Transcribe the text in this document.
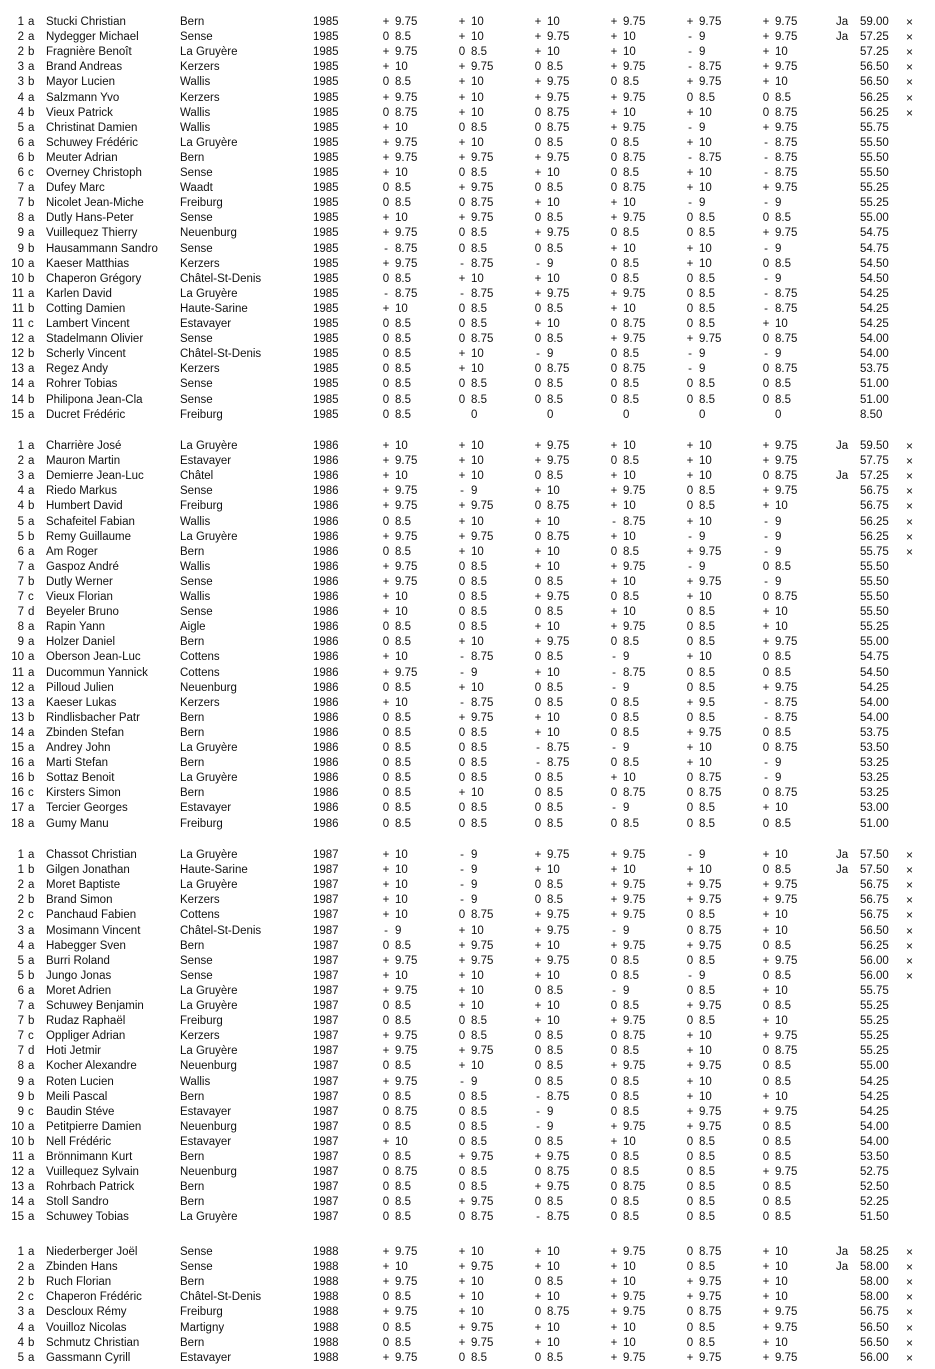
1 a	Stucki Christian	Bern	1985	+ 9.75	+ 10	+ 10	+ 9.75	+ 9.75	+ 9.75	Ja	59.00	×
2 a	Nydegger Michael	Sense	1985	0 8.5	+ 10	+ 9.75	+ 10	- 9	+ 9.75	Ja	57.25	×
2 b	Fragnière Benoît	La Gruyère	1985	+ 9.75	0 8.5	+ 10	+ 10	- 9	+ 10	57.25	×
3 a	Brand Andreas	Kerzers	1985	+ 10	+ 9.75	0 8.5	+ 9.75	- 8.75	+ 9.75	56.50	×
3 b	Mayor Lucien	Wallis	1985	0 8.5	+ 10	+ 9.75	0 8.5	+ 9.75	+ 10	56.50	×
4 a	Salzmann Yvo	Kerzers	1985	+ 9.75	+ 10	+ 9.75	+ 9.75	0 8.5	0 8.5	56.25	×
4 b	Vieux Patrick	Wallis	1985	0 8.75	+ 10	0 8.75	+ 10	+ 10	0 8.75	56.25	×
5 a	Christinat Damien	Wallis	1985	+ 10	0 8.5	0 8.75	+ 9.75	- 9	+ 9.75	55.75
6 a	Schuwey Frédéric	La Gruyère	1985	+ 9.75	+ 10	0 8.5	0 8.5	+ 10	- 8.75	55.50
6 b	Meuter Adrian	Bern	1985	+ 9.75	+ 9.75	+ 9.75	0 8.75	- 8.75	- 8.75	55.50
6 c	Overney Christoph	Sense	1985	+ 10	0 8.5	+ 10	0 8.5	+ 10	- 8.75	55.50
7 a	Dufey Marc	Waadt	1985	0 8.5	+ 9.75	0 8.5	0 8.75	+ 10	+ 9.75	55.25
7 b	Nicolet Jean-Miche	Freiburg	1985	0 8.5	0 8.75	+ 10	+ 10	- 9	- 9	55.25
8 a	Dutly Hans-Peter	Sense	1985	+ 10	+ 9.75	0 8.5	+ 9.75	0 8.5	0 8.5	55.00
9 a	Vuillequez Thierry	Neuenburg	1985	+ 9.75	0 8.5	+ 9.75	0 8.5	0 8.5	+ 9.75	54.75
9 b	Hausammann Sandro	Sense	1985	- 8.75	0 8.5	0 8.5	+ 10	+ 10	- 9	54.75
10 a	Kaeser Matthias	Kerzers	1985	+ 9.75	- 8.75	- 9	0 8.5	+ 10	0 8.5	54.50
10 b	Chaperon Grégory	Châtel-St-Denis	1985	0 8.5	+ 10	+ 10	0 8.5	0 8.5	- 9	54.50
11 a	Karlen David	La Gruyère	1985	- 8.75	- 8.75	+ 9.75	+ 9.75	0 8.5	- 8.75	54.25
11 b	Cotting Damien	Haute-Sarine	1985	+ 10	0 8.5	0 8.5	+ 10	0 8.5	- 8.75	54.25
11 c	Lambert Vincent	Estavayer	1985	0 8.5	0 8.5	+ 10	0 8.75	0 8.5	+ 10	54.25
12 a	Stadelmann Olivier	Sense	1985	0 8.5	0 8.75	0 8.5	+ 9.75	+ 9.75	0 8.75	54.00
12 b	Scherly Vincent	Châtel-St-Denis	1985	0 8.5	+ 10	- 9	0 8.5	- 9	- 9	54.00
13 a	Regez Andy	Kerzers	1985	0 8.5	+ 10	0 8.75	0 8.75	- 9	0 8.75	53.75
14 a	Rohrer Tobias	Sense	1985	0 8.5	0 8.5	0 8.5	0 8.5	0 8.5	0 8.5	51.00
14 b	Philipona Jean-Cla	Sense	1985	0 8.5	0 8.5	0 8.5	0 8.5	0 8.5	0 8.5	51.00
15 a	Ducret Frédéric	Freiburg	1985	0 8.5	0	0	0	0	0	8.50
1 a	Charrière José	La Gruyère	1986	+ 10	+ 10	+ 9.75	+ 10	+ 10	+ 9.75	Ja	59.50	×
2 a	Mauron Martin	Estavayer	1986	+ 9.75	+ 10	+ 9.75	0 8.5	+ 10	+ 9.75	57.75	×
3 a	Demierre Jean-Luc	Châtel	1986	+ 10	+ 10	0 8.5	+ 10	+ 10	0 8.75	Ja	57.25	×
4 a	Riedo Markus	Sense	1986	+ 9.75	- 9	+ 10	+ 9.75	0 8.5	+ 9.75	56.75	×
4 b	Humbert David	Freiburg	1986	+ 9.75	+ 9.75	0 8.75	+ 10	0 8.5	+ 10	56.75	×
5 a	Schafeitel Fabian	Wallis	1986	0 8.5	+ 10	+ 10	- 8.75	+ 10	- 9	56.25	×
5 b	Remy Guillaume	La Gruyère	1986	+ 9.75	+ 9.75	0 8.75	+ 10	- 9	- 9	56.25	×
6 a	Am Roger	Bern	1986	0 8.5	+ 10	+ 10	0 8.5	+ 9.75	- 9	55.75	×
7 a	Gaspoz André	Wallis	1986	+ 9.75	0 8.5	+ 10	+ 9.75	- 9	0 8.5	55.50
7 b	Dutly Werner	Sense	1986	+ 9.75	0 8.5	0 8.5	+ 10	+ 9.75	- 9	55.50
7 c	Vieux Florian	Wallis	1986	+ 10	0 8.5	+ 9.75	0 8.5	+ 10	0 8.75	55.50
7 d	Beyeler Bruno	Sense	1986	+ 10	0 8.5	0 8.5	+ 10	0 8.5	+ 10	55.50
8 a	Rapin Yann	Aigle	1986	0 8.5	0 8.5	+ 10	+ 9.75	0 8.5	+ 10	55.25
9 a	Holzer Daniel	Bern	1986	0 8.5	+ 10	+ 9.75	0 8.5	0 8.5	+ 9.75	55.00
10 a	Oberson Jean-Luc	Cottens	1986	+ 10	- 8.75	0 8.5	- 9	+ 10	0 8.5	54.75
11 a	Ducommun Yannick	Cottens	1986	+ 9.75	- 9	+ 10	- 8.75	0 8.5	0 8.5	54.50
12 a	Pilloud Julien	Neuenburg	1986	0 8.5	+ 10	0 8.5	- 9	0 8.5	+ 9.75	54.25
13 a	Kaeser Lukas	Kerzers	1986	+ 10	- 8.75	0 8.5	0 8.5	+ 9.5	- 8.75	54.00
13 b	Rindlisbacher Patr	Bern	1986	0 8.5	+ 9.75	+ 10	0 8.5	0 8.5	- 8.75	54.00
14 a	Zbinden Stefan	Bern	1986	0 8.5	0 8.5	+ 10	0 8.5	+ 9.75	0 8.5	53.75
15 a	Andrey John	La Gruyère	1986	0 8.5	0 8.5	- 8.75	- 9	+ 10	0 8.75	53.50
16 a	Marti Stefan	Bern	1986	0 8.5	0 8.5	- 8.75	0 8.5	+ 10	- 9	53.25
16 b	Sottaz Benoit	La Gruyère	1986	0 8.5	0 8.5	0 8.5	+ 10	0 8.75	- 9	53.25
16 c	Kirsters Simon	Bern	1986	0 8.5	+ 10	0 8.5	0 8.75	0 8.75	0 8.75	53.25
17 a	Tercier Georges	Estavayer	1986	0 8.5	0 8.5	0 8.5	- 9	0 8.5	+ 10	53.00
18 a	Gumy Manu	Freiburg	1986	0 8.5	0 8.5	0 8.5	0 8.5	0 8.5	0 8.5	51.00
1 a	Chassot Christian	La Gruyère	1987	+ 10	- 9	+ 9.75	+ 9.75	- 9	+ 10	Ja	57.50	×
1 b	Gilgen Jonathan	Haute-Sarine	1987	+ 10	- 9	+ 10	+ 10	+ 10	0 8.5	Ja	57.50	×
2 a	Moret Baptiste	La Gruyère	1987	+ 10	- 9	0 8.5	+ 9.75	+ 9.75	+ 9.75	56.75	×
2 b	Brand Simon	Kerzers	1987	+ 10	- 9	0 8.5	+ 9.75	+ 9.75	+ 9.75	56.75	×
2 c	Panchaud Fabien	Cottens	1987	+ 10	0 8.75	+ 9.75	+ 9.75	0 8.5	+ 10	56.75	×
3 a	Mosimann Vincent	Châtel-St-Denis	1987	- 9	+ 10	+ 9.75	- 9	0 8.75	+ 10	56.50	×
4 a	Habegger Sven	Bern	1987	0 8.5	+ 9.75	+ 10	+ 9.75	+ 9.75	0 8.5	56.25	×
5 a	Burri Roland	Sense	1987	+ 9.75	+ 9.75	+ 9.75	0 8.5	0 8.5	+ 9.75	56.00	×
5 b	Jungo Jonas	Sense	1987	+ 10	+ 10	+ 10	0 8.5	- 9	0 8.5	56.00	×
6 a	Moret Adrien	La Gruyère	1987	+ 9.75	+ 10	0 8.5	- 9	0 8.5	+ 10	55.75
7 a	Schuwey Benjamin	La Gruyère	1987	0 8.5	+ 10	+ 10	0 8.5	+ 9.75	0 8.5	55.25
7 b	Rudaz Raphaël	Freiburg	1987	0 8.5	0 8.5	+ 10	+ 9.75	0 8.5	+ 10	55.25
7 c	Oppliger Adrian	Kerzers	1987	+ 9.75	0 8.5	0 8.5	0 8.75	+ 10	+ 9.75	55.25
7 d	Hoti Jetmir	La Gruyère	1987	+ 9.75	+ 9.75	0 8.5	0 8.5	+ 10	0 8.75	55.25
8 a	Kocher Alexandre	Neuenburg	1987	0 8.5	+ 10	0 8.5	+ 9.75	+ 9.75	0 8.5	55.00
9 a	Roten Lucien	Wallis	1987	+ 9.75	- 9	0 8.5	0 8.5	+ 10	0 8.5	54.25
9 b	Meili Pascal	Bern	1987	0 8.5	0 8.5	- 8.75	0 8.5	+ 10	+ 10	54.25
9 c	Baudin Stéve	Estavayer	1987	0 8.75	0 8.5	- 9	0 8.5	+ 9.75	+ 9.75	54.25
10 a	Petitpierre Damien	Neuenburg	1987	0 8.5	0 8.5	- 9	+ 9.75	+ 9.75	0 8.5	54.00
10 b	Nell Frédéric	Estavayer	1987	+ 10	0 8.5	0 8.5	+ 10	0 8.5	0 8.5	54.00
11 a	Brönnimann Kurt	Bern	1987	0 8.5	+ 9.75	+ 9.75	0 8.5	0 8.5	0 8.5	53.50
12 a	Vuillequez Sylvain	Neuenburg	1987	0 8.75	0 8.5	0 8.75	0 8.5	0 8.5	+ 9.75	52.75
13 a	Rohrbach Patrick	Bern	1987	0 8.5	0 8.5	+ 9.75	0 8.75	0 8.5	0 8.5	52.50
14 a	Stoll Sandro	Bern	1987	0 8.5	+ 9.75	0 8.5	0 8.5	0 8.5	0 8.5	52.25
15 a	Schuwey Tobias	La Gruyère	1987	0 8.5	0 8.75	- 8.75	0 8.5	0 8.5	0 8.5	51.50
1 a	Niederberger Joël	Sense	1988	+ 9.75	+ 10	+ 10	+ 9.75	0 8.75	+ 10	Ja	58.25	×
2 a	Zbinden Hans	Sense	1988	+ 10	+ 9.75	+ 10	+ 10	0 8.5	+ 10	Ja	58.00	×
2 b	Ruch Florian	Bern	1988	+ 9.75	+ 10	0 8.5	+ 10	+ 9.75	+ 10	58.00	×
2 c	Chaperon Frédéric	Châtel-St-Denis	1988	0 8.5	+ 10	+ 10	+ 9.75	+ 9.75	+ 10	58.00	×
3 a	Descloux Rémy	Freiburg	1988	+ 9.75	+ 10	0 8.75	+ 9.75	0 8.75	+ 9.75	56.75	×
4 a	Vouilloz Nicolas	Martigny	1988	0 8.5	+ 9.75	+ 10	+ 10	0 8.5	+ 9.75	56.50	×
4 b	Schmutz Christian	Bern	1988	0 8.5	+ 9.75	+ 10	+ 10	0 8.5	+ 10	56.50	×
5 a	Gassmann Cyrill	Estavayer	1988	+ 9.75	0 8.5	0 8.5	+ 9.75	+ 9.75	+ 9.75	56.00	×
